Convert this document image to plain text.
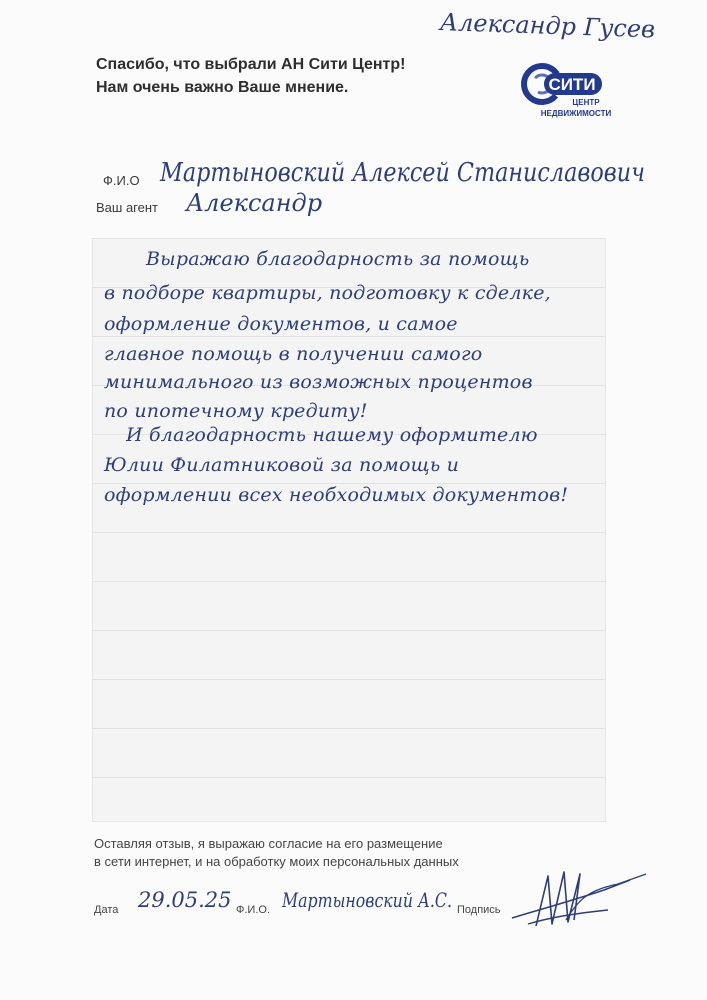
Александр Гусев
Спасибо, что выбрали АН Сити Центр!
Нам очень важно Ваше мнение.	СИТИ
ЦЕНТР
НЕДВИЖИМОСТИ
Ф.И.О Мартыновский Алексей Станиславович
Ваш агент Александр
Выражаю благодарность за помощь
в подборе квартиры, подготовку к сделке,
оформление документов, и самое
главное помощь в получении самого
минимального из возможных процентов
по ипотечному кредиту!
И благодарность нашему оформителю
Юлии Филатниковой за помощь и
оформлении всех необходимых документов!
Оставляя отзыв, я выражаю согласие на его размещение
в сети интернет, и на обработку моих персональных данных
Дата 29.05.25 Ф.И.О. Мартыновский А.С. Подпись
